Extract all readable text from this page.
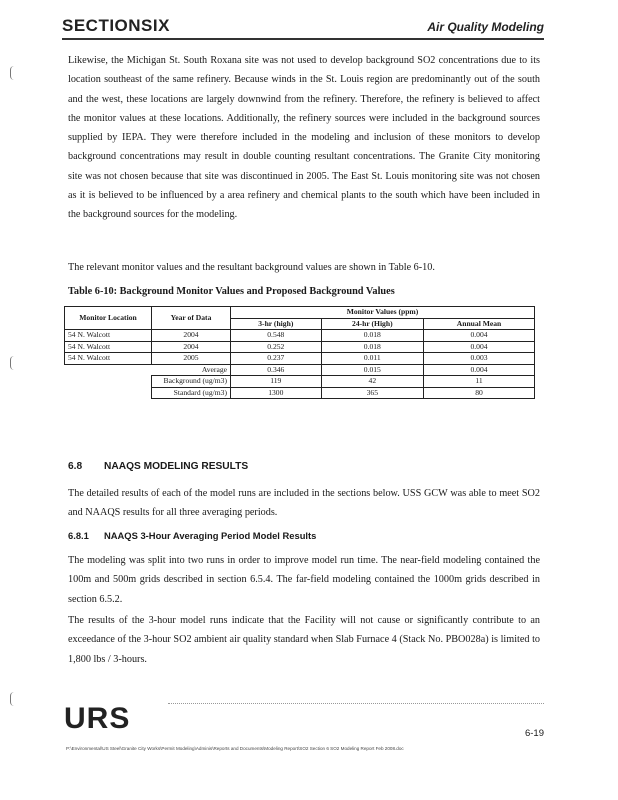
SECTIONSIX	Air Quality Modeling

Likewise, the Michigan St. South Roxana site was not used to develop background SO2 concentrations due to its location southeast of the same refinery. Because winds in the St. Louis region are predominantly out of the south and the west, these locations are largely downwind from the refinery. Therefore, the refinery is believed to affect the monitor values at these locations. Additionally, the refinery sources were included in the background sources supplied by IEPA. They were therefore included in the modeling and inclusion of these monitors to develop background concentrations may result in double counting resultant concentrations. The Granite City monitoring site was not chosen because that site was discontinued in 2005. The East St. Louis monitoring site was not chosen as it is believed to be influenced by a area refinery and chemical plants to the south which have been included in the background sources for the modeling.

The relevant monitor values and the resultant background values are shown in Table 6-10.

Table 6-10: Background Monitor Values and Proposed Background Values
Monitor Location	Year of Data	Monitor Values (ppm)		
		3-hr (high)	24-hr (High)	Annual Mean
54 N. Walcott	2004	0.548	0.018	0.004
54 N. Walcott	2004	0.252	0.018	0.004
54 N. Walcott	2005	0.237	0.011	0.003
	Average	0.346	0.015	0.004
	Background (ug/m3)	119	42	11
	Standard (ug/m3)	1300	365	80
6.8 NAAQS MODELING RESULTS

The detailed results of each of the model runs are included in the sections below. USS GCW was able to meet SO2 and NAAQS results for all three averaging periods.

6.8.1 NAAQS 3-Hour Averaging Period Model Results

The modeling was split into two runs in order to improve model run time. The near-field modeling contained the 100m and 500m grids described in section 6.5.4. The far-field modeling contained the 1000m grids described in section 6.5.2.

The results of the 3-hour model runs indicate that the Facility will not cause or significantly contribute to an exceedance of the 3-hour SO2 ambient air quality standard when Slab Furnace 4 (Stack No. PBO028a) is limited to 1,800 lbs / 3-hours.

URS	6-19
P:\Environmental\US Steel\Granite City Works\Permit Modeling\Adminis\Reports and Documents\Modeling Report\SO2 Section 6 SO2 Modeling Report Feb 2008.doc
